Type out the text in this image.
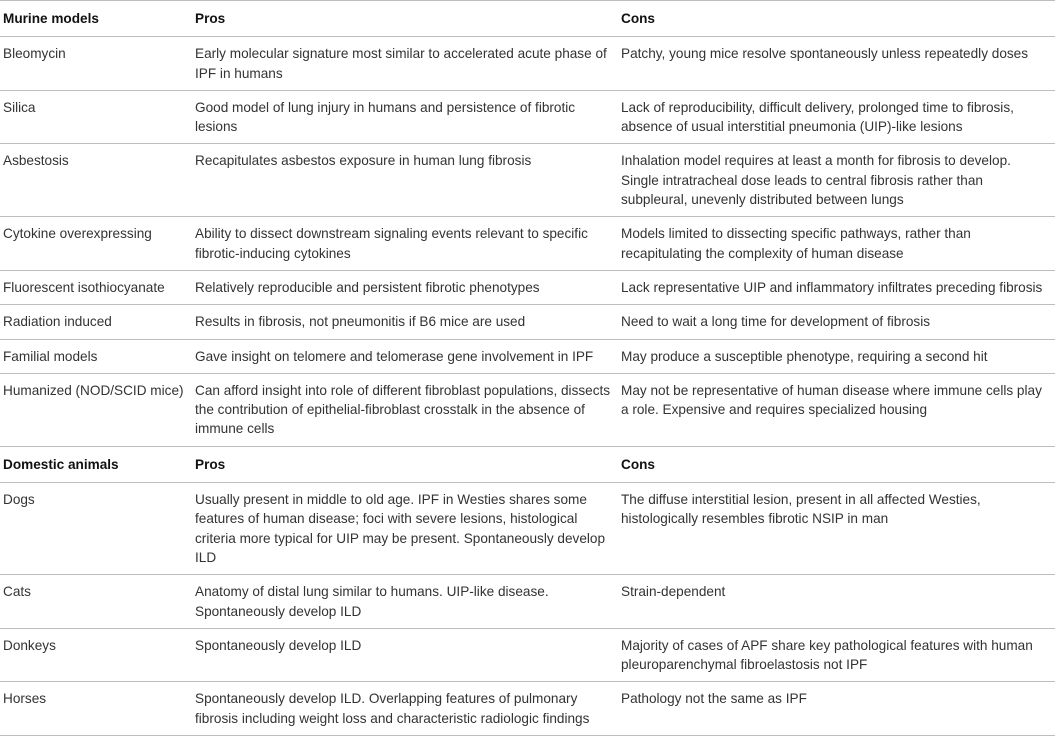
Murine models	Pros	Cons
Bleomycin	Early molecular signature most similar to accelerated acute phase of IPF in humans	Patchy, young mice resolve spontaneously unless repeatedly doses
Silica	Good model of lung injury in humans and persistence of fibrotic lesions	Lack of reproducibility, difficult delivery, prolonged time to fibrosis, absence of usual interstitial pneumonia (UIP)-like lesions
Asbestosis	Recapitulates asbestos exposure in human lung fibrosis	Inhalation model requires at least a month for fibrosis to develop. Single intratracheal dose leads to central fibrosis rather than subpleural, unevenly distributed between lungs
Cytokine overexpressing	Ability to dissect downstream signaling events relevant to specific fibrotic-inducing cytokines	Models limited to dissecting specific pathways, rather than recapitulating the complexity of human disease
Fluorescent isothiocyanate	Relatively reproducible and persistent fibrotic phenotypes	Lack representative UIP and inflammatory infiltrates preceding fibrosis
Radiation induced	Results in fibrosis, not pneumonitis if B6 mice are used	Need to wait a long time for development of fibrosis
Familial models	Gave insight on telomere and telomerase gene involvement in IPF	May produce a susceptible phenotype, requiring a second hit
Humanized (NOD/SCID mice)	Can afford insight into role of different fibroblast populations, dissects the contribution of epithelial-fibroblast crosstalk in the absence of immune cells	May not be representative of human disease where immune cells play a role. Expensive and requires specialized housing
Domestic animals	Pros	Cons
Dogs	Usually present in middle to old age. IPF in Westies shares some features of human disease; foci with severe lesions, histological criteria more typical for UIP may be present. Spontaneously develop ILD	The diffuse interstitial lesion, present in all affected Westies, histologically resembles fibrotic NSIP in man
Cats	Anatomy of distal lung similar to humans. UIP-like disease. Spontaneously develop ILD	Strain-dependent
Donkeys	Spontaneously develop ILD	Majority of cases of APF share key pathological features with human pleuroparenchymal fibroelastosis not IPF
Horses	Spontaneously develop ILD. Overlapping features of pulmonary fibrosis including weight loss and characteristic radiologic findings	Pathology not the same as IPF
